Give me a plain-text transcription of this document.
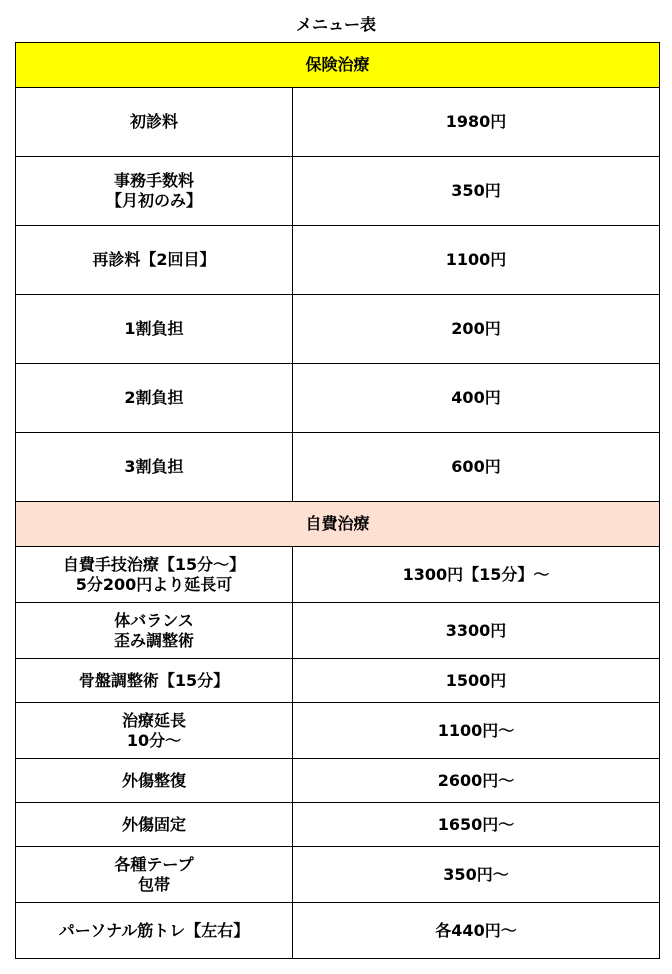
メニュー表
保険治療	

初診料	1980円

事務手数料
【月初のみ】	350円

再診料【2回目】	1100円

1割負担	200円

2割負担	400円

3割負担	600円
自費治療	

自費手技治療【15分～】
5分200円より延長可	1300円【15分】～

体バランス
歪み調整術	3300円

骨盤調整術【15分】	1500円

治療延長
10分～	1100円～

外傷整復	2600円～

外傷固定	1650円～

各種テープ
包帯	350円～

パーソナル筋トレ【左右】	各440円～
